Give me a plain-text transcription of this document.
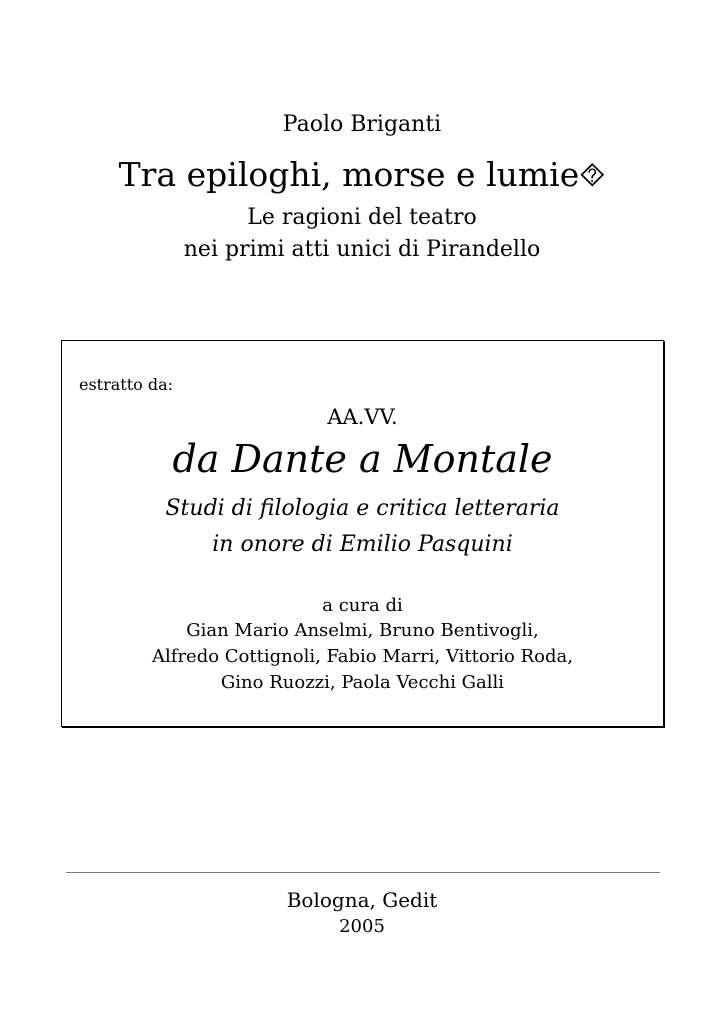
Paolo Briganti
Tra epiloghi, morse e lumie⯑
Le ragioni del teatro
nei primi atti unici di Pirandello
estratto da:
AA.VV.
da Dante a Montale
Studi di filologia e critica letteraria
in onore di Emilio Pasquini
a cura di
Gian Mario Anselmi, Bruno Bentivogli,
Alfredo Cottignoli, Fabio Marri, Vittorio Roda,
Gino Ruozzi, Paola Vecchi Galli
Bologna, Gedit
2005
